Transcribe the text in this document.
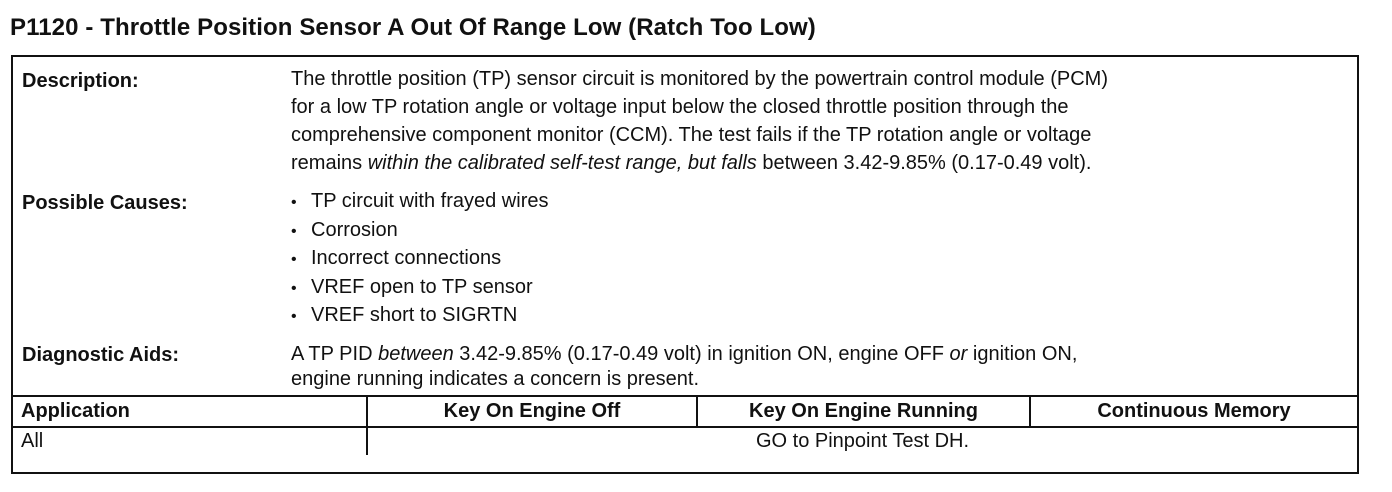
P1120 - Throttle Position Sensor A Out Of Range Low (Ratch Too Low)
Description:	The throttle position (TP) sensor circuit is monitored by the powertrain control module (PCM)
for a low TP rotation angle or voltage input below the closed throttle position through the
comprehensive component monitor (CCM). The test fails if the TP rotation angle or voltage
remains within the calibrated self-test range, but falls between 3.42-9.85% (0.17-0.49 volt).
Possible Causes:	• TP circuit with frayed wires
• Corrosion
• Incorrect connections
• VREF open to TP sensor
• VREF short to SIGRTN
Diagnostic Aids:	A TP PID between 3.42-9.85% (0.17-0.49 volt) in ignition ON, engine OFF or ignition ON,
engine running indicates a concern is present.
Application	Key On Engine Off	Key On Engine Running	Continuous Memory
All	GO to Pinpoint Test DH.		
